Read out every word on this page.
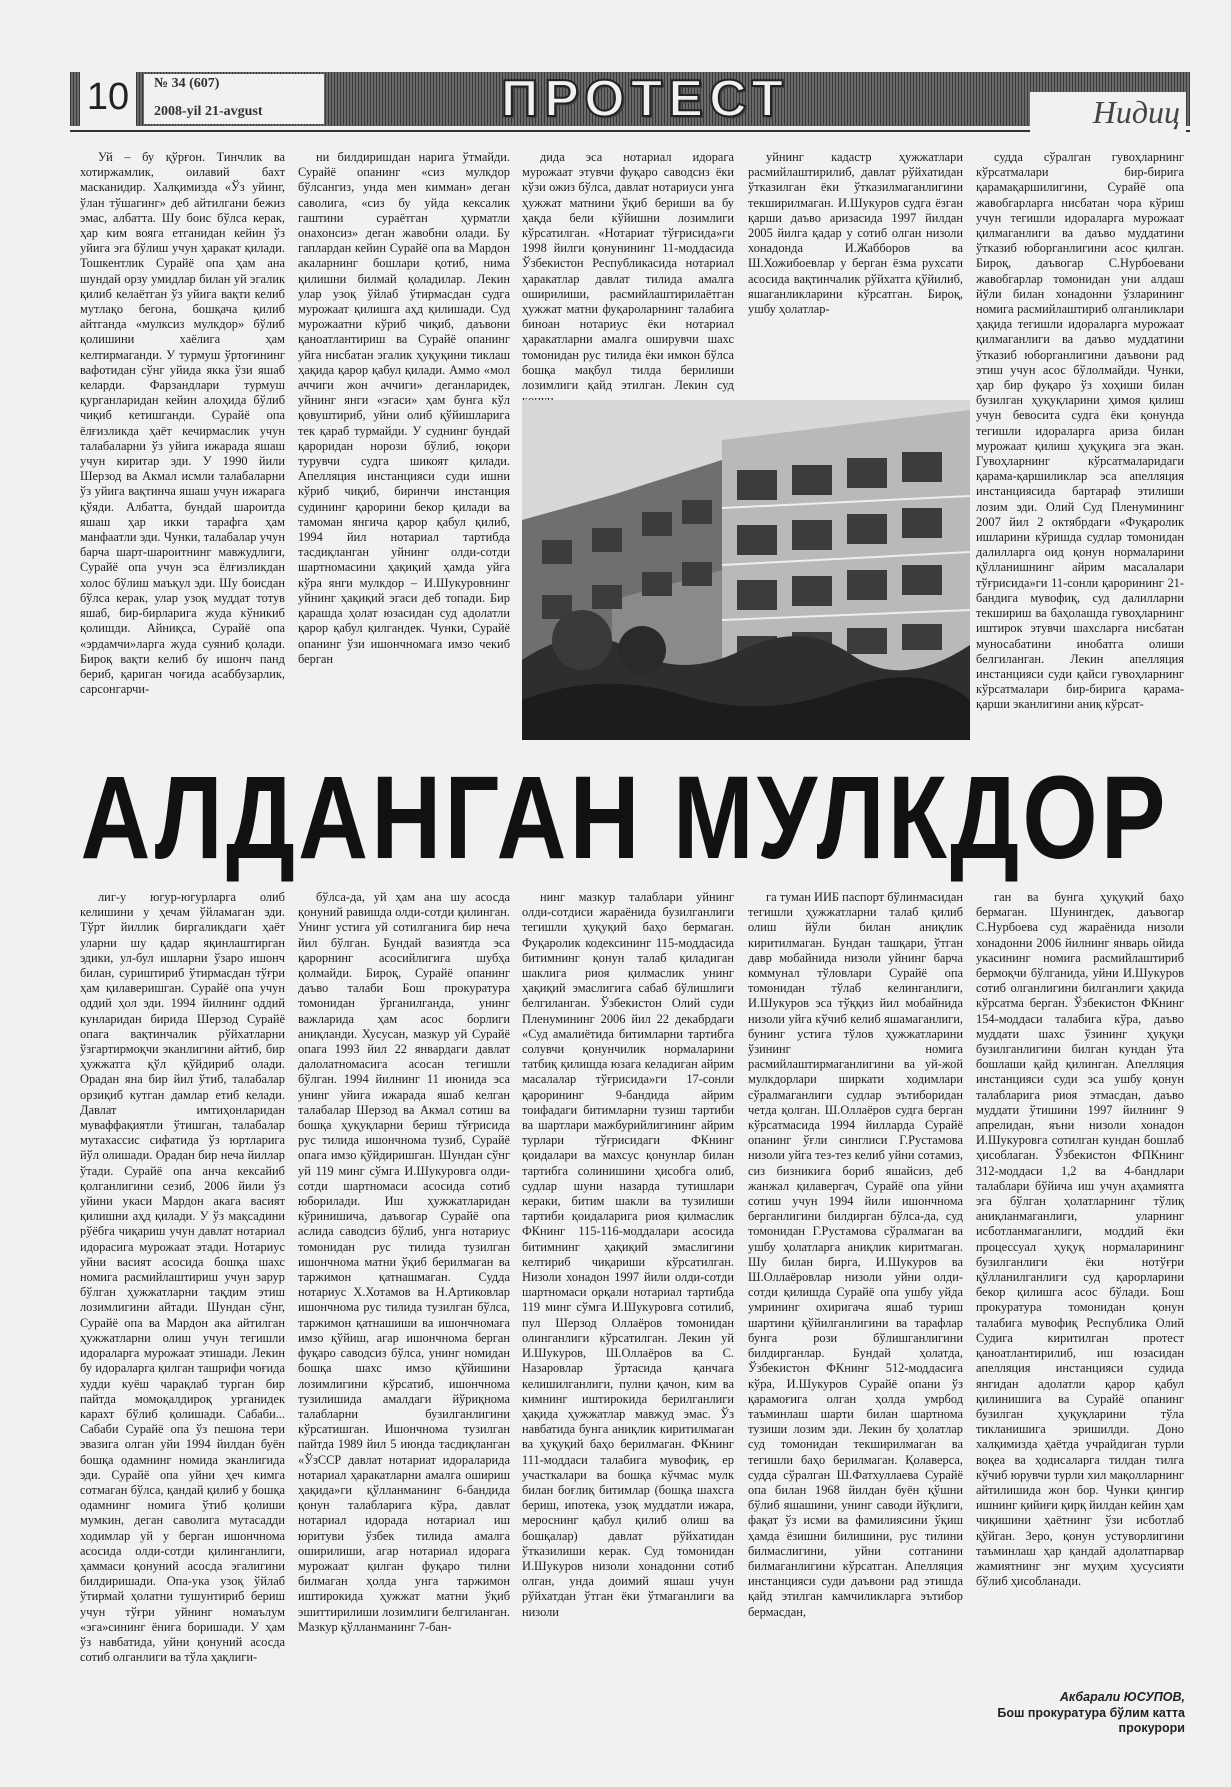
10 № 34 (607)
2008-yil 21-avgust	ПРОТЕСТ	Нидиц

Уй – бу қўрғон. Тинчлик ва хотиржамлик, оилавий бахт масканидир. Халқимизда «Ўз уйинг, ўлан тўшагинг» деб айтилгани бежиз эмас, албатта. Шу боис бўлса керак, ҳар ким вояга етганидан кейин ўз уйига эга бўлиш учун ҳаракат қилади. Тошкентлик Сурайё опа ҳам ана шундай орзу умидлар билан уй эгалик қилиб келаётган ўз уйига вақти келиб мутлақо бегона, бошқача қилиб айтганда «мулксиз мулкдор» бўлиб қолишини хаёлига ҳам келтирмаганди. У турмуш ўртоғининг вафотидан сўнг уйида якка ўзи яшаб келарди. Фарзандлари турмуш қурганларидан кейин алоҳида бўлиб чиқиб кетишганди. Сурайё опа ёлғизликда ҳаёт кечирмаслик учун талабаларни ўз уйига ижарада яшаш учун киритар эди. У 1990 йили Шерзод ва Акмал исмли талабаларни ўз уйига вақтинча яшаш учун ижарага қўяди. Албатта, бундай шароитда яшаш ҳар икки тарафга ҳам манфаатли эди. Чунки, талабалар учун барча шарт-шароитнинг мавжудлиги, Сурайё опа учун эса ёлғизликдан холос бўлиш маъқул эди. Шу боисдан бўлса керак, улар узоқ муддат тотув яшаб, бир-бирларига жуда кўникиб қолишди. Айниқса, Сурайё опа «эрдамчи»ларга жуда суяниб қолади. Бироқ вақти келиб бу ишонч панд бериб, қариган чоғида асаббузарлик, сарсонгарчи-

ни билдиришдан нарига ўтмайди. Сурайё опанинг «сиз мулкдор бўлсангиз, унда мен кимман» деган саволига, «сиз бу уйда кексалик гаштини сураётган ҳурматли онахонсиз» деган жавобни олади. Бу гаплардан кейин Сурайё опа ва Мардон акаларнинг бошлари қотиб, нима қилишни билмай қоладилар. Лекин улар узоқ ўйлаб ўтирмасдан судга мурожаат қилишга аҳд қилишади. Суд мурожаатни кўриб чиқиб, даъвони қаноатлантириш ва Сурайё опанинг уйга нисбатан эгалик ҳуқуқини тиклаш ҳақида қарор қабул қилади. Аммо «мол аччиги жон аччиги» деганларидек, уйнинг янги «эгаси» ҳам бунга кўл қовуштириб, уйни олиб қўйишларига тек қараб турмайди. У суднинг бундай қароридан норози бўлиб, юқори турувчи судга шикоят қилади. Апелляция инстанцияси суди ишни кўриб чиқиб, биринчи инстанция судининг қарорини бекор қилади ва тамоман янгича қарор қабул қилиб, 1994 йил нотариал тартибда тасдиқланган уйнинг олди-сотди шартномасини ҳақиқий ҳамда уйга кўра янги мулкдор – И.Шукуровнинг уйнинг ҳақиқий эгаси деб топади. Бир қарашда ҳолат юзасидан суд адолатли қарор қабул қилгандек. Чунки, Сурайё опанинг ўзи ишончномага имзо чекиб берган

дида эса нотариал идорага мурожаат этувчи фуқаро саводсиз ёки кўзи ожиз бўлса, давлат нотариуси унга ҳужжат матнини ўқиб бериши ва бу ҳақда бели кўйишни лозимлиги кўрсатилган. «Нотариат тўғрисида»ги 1998 йилги қонунининг 11-моддасида Ўзбекистон Республикасида нотариал ҳаракатлар давлат тилида амалга оширилиши, расмийлаштирилаётган ҳужжат матни фуқароларнинг талабига биноан нотариус ёки нотариал ҳаракатларни амалга оширувчи шахс томонидан рус тилида ёки имкон бўлса бошқа мақбул тилда берилиши лозимлиги қайд этилган. Лекин суд

уйнинг кадастр ҳужжатлари расмийлаштирилиб, давлат рўйхатидан ўтказилган ёки ўтказилмаганлигини текширилмаган. И.Шукуров судга ёзган қарши даъво аризасида 1997 йилдан 2005 йилга қадар у сотиб олган низоли хонадонда И.Жабборов ва Ш.Хожибоевлар у берган ёзма рухсати асосида вақтинчалик рўйхатга қўйилиб, яшаганликларини кўрсатган. Бироқ, ушбу ҳолатлар-

судда сўралган гувоҳларнинг кўрсатмалари бир-бирига қарамақаршилигини, Сурайё опа жавобгарларга нисбатан чора кўриш учун тегишли идораларга мурожаат қилмаганлиги ва даъво муддатини ўтказиб юборганлигини асос қилган. Бироқ, даъвогар С.Нурбоевани жавобгарлар томонидан уни алдаш йўли билан хонадонни ўзларининг номига расмийлаштириб олганликлари ҳақида тегишли идораларга мурожаат қилмаганлиги ва даъво муддатини ўтказиб юборганлигини даъвони рад этиш учун асос бўлолмайди. Чунки, ҳар бир фуқаро ўз хоҳиши билан бузилган ҳуқуқларини ҳимоя қилиш учун бевосита судга ёки қонунда тегишли идораларга ариза билан мурожаат қилиш ҳуқуқига эга экан. Гувоҳларнинг кўрсатмаларидаги қарама-қаршиликлар эса апелляция инстанциясида бартараф этилиши лозим эди. Олий Суд Пленумининг 2007 йил 2 октябрдаги «Фуқаролик ишларини кўришда судлар томонидан далилларга оид қонун нормаларини қўлланишнинг айрим масалалари тўғрисида»ги 11-сонли қарорининг 21-бандига мувофиқ, суд далилларни текшириш ва баҳолашда гувоҳларнинг иштирок этувчи шахсларга нисбатан муносабатини инобатга олиши белгиланган. Лекин апелляция инстанцияси суди қайси гувоҳларнинг кўрсатмалари бир-бирига қарама-қарши эканлигини аниқ кўрсат-

АЛДАНГАН МУЛКДОР

лиг-у югур-югурларга олиб келишини у ҳечам ўйламаган эди. Тўрт йиллик биргаликдаги ҳаёт уларни шу қадар яқинлаштирган эдики, ул-бул ишларни ўзаро ишонч билан, суриштириб ўтирмасдан тўғри ҳам қилаверишган. Сурайё опа учун оддий ҳол эди. 1994 йилнинг оддий кунларидан бирида Шерзод Сурайё опага вақтинчалик рўйхатларни ўзгартирмоқчи эканлигини айтиб, бир ҳужжатга қўл қўйдириб олади. Орадан яна бир йил ўтиб, талабалар орзиқиб кутган дамлар етиб келади. Давлат имтиҳонларидан муваффақиятли ўтишган, талабалар мутахассис сифатида ўз юртларига йўл олишади. Орадан бир неча йиллар ўтади. Сурайё опа анча кексайиб қолганлигини сезиб, 2006 йили ўз уйини укаси Мардон акага васият қилишни аҳд қилади. У ўз мақсадини рўёбга чиқариш учун давлат нотариал идорасига мурожаат этади. Нотариус уйни васият асосида бошқа шахс номига расмийлаштириш учун зарур бўлган ҳужжатларни тақдим этиш лозимлигини айтади. Шундан сўнг, Сурайё опа ва Мардон ака айтилган ҳужжатларни олиш учун тегишли идораларга мурожаат этишади. Лекин бу идораларга қилган ташрифи чоғида худди куёш чарақлаб турган бир пайтда момоқалдироқ урганидек карахт бўлиб қолишади. Сабаби... Сабаби Сурайё опа ўз пешона тери эвазига олган уйи 1994 йилдан буён бошқа одамнинг номида эканлигида эди. Сурайё опа уйни ҳеч кимга сотмаган бўлса, қандай қилиб у бошқа одамнинг номига ўтиб қолиши мумкин, деган саволига мутасадди ходимлар уй у берган ишончнома асосида олди-сотди қилинганлиги, ҳаммаси қонуний асосда эгалигини билдиришади. Опа-ука узоқ ўйлаб ўтирмай ҳолатни тушунтириб бериш учун тўғри уйнинг номаълум «эга»сининг ёнига боришади. У ҳам ўз навбатида, уйни қонуний асосда сотиб олганлиги ва тўла ҳақлиги-

бўлса-да, уй ҳам ана шу асосда қонуний равишда олди-сотди қилинган. Унинг устига уй сотилганига бир неча йил бўлган. Бундай вазиятда эса қарорнинг асосийлигига шубҳа қолмайди. Бироқ, Сурайё опанинг даъво талаби Бош прокуратура томонидан ўрганилганда, унинг важларида ҳам асос борлиги аниқланди. Хусусан, мазкур уй Сурайё опага 1993 йил 22 январдаги давлат далолатномасига асосан тегишли бўлган. 1994 йилнинг 11 июнида эса унинг уйига ижарада яшаб келган талабалар Шерзод ва Акмал сотиш ва бошқа ҳуқуқларни бериш тўғрисида рус тилида ишончнома тузиб, Сурайё опага имзо қўйдиришган. Шундан сўнг уй 119 минг сўмга И.Шукуровга олди-сотди шартномаси асосида сотиб юборилади. Иш ҳужжатларидан кўринишича, даъвогар Сурайё опа аслида саводсиз бўлиб, унга нотариус томонидан рус тилида тузилган ишончнома матни ўқиб берилмаган ва таржимон қатнашмаган. Судда нотариус Х.Хотамов ва Н.Артиковлар ишончнома рус тилида тузилган бўлса, таржимон қатнашиши ва ишончномага имзо қўйиш, агар ишончнома берган фуқаро саводсиз бўлса, унинг номидан бошқа шахс имзо қўйишини лозимлигини кўрсатиб, ишончнома тузилишида амалдаги йўриқнома талабларни бузилганлигини кўрсатишган. Ишончнома тузилган пайтда 1989 йил 5 июнда тасдиқланган «ЎзССР давлат нотариат идораларида нотариал ҳаракатларни амалга ошириш ҳақида»ги қўлланманинг 6-бандида қонун талабларига кўра, давлат нотариал идорада нотариал иш юритуви ўзбек тилида амалга оширилиши, агар нотариал идорага мурожаат қилган фуқаро тилни билмаган ҳолда унга таржимон иштирокида ҳужжат матни ўқиб эшиттирилиши лозимлиги белгиланган. Мазкур қўлланманинг 7-бан-

нинг мазкур талаблари уйнинг олди-сотдиси жараёнида бузилганлиги тегишли ҳуқуқий баҳо бермаган. Фуқаролик кодексининг 115-моддасида битимнинг қонун талаб қиладиган шаклига риоя қилмаслик унинг ҳақиқий эмаслигига сабаб бўлишлиги белгиланган. Ўзбекистон Олий суди Пленумининг 2006 йил 22 декабрдаги «Суд амалиётида битимларни тартибга солувчи қонунчилик нормаларини татбиқ қилишда юзага келадиган айрим масалалар тўғрисида»ги 17-сонли қарорининг 9-бандида айрим тоифадаги битимларни тузиш тартиби ва шартлари мажбурийлигининг айрим турлари тўғрисидаги ФКнинг қоидалари ва махсус қонунлар билан тартибга солинишини ҳисобга олиб, судлар шуни назарда тутишлари кераки, битим шакли ва тузилиши тартиби қоидаларига риоя қилмаслик ФКнинг 115-116-моддалари асосида битимнинг ҳақиқий эмаслигини келтириб чиқариши кўрсатилган. Низоли хонадон 1997 йили олди-сотди шартномаси орқали нотариал тартибда 119 минг сўмга И.Шукуровга сотилиб, пул Шерзод Оллаёров томонидан олинганлиги кўрсатилган. Лекин уй И.Шукуров, Ш.Оллаёров ва С. Назаровлар ўртасида қанчага келишилганлиги, пулни қачон, ким ва кимнинг иштирокида берилганлиги ҳақида ҳужжатлар мавжуд эмас. Ўз навбатида бунга аниқлик киритилмаган ва ҳуқуқий баҳо берилмаган. ФКнинг 111-моддаси талабига мувофиқ, ер участкалари ва бошқа кўчмас мулк билан боғлиқ битимлар (бошқа шахсга бериш, ипотека, узоқ муддатли ижара, мероснинг қабул қилиб олиш ва бошқалар) давлат рўйхатидан ўтказилиши керак. Суд томонидан И.Шукуров низоли хонадонни сотиб олган, унда доимий яшаш учун рўйхатдан ўтган ёки ўтмаганлиги ва низоли

га туман ИИБ паспорт бўлинмасидан тегишли ҳужжатларни талаб қилиб олиш йўли билан аниқлик киритилмаган. Бундан ташқари, ўтган давр мобайнида низоли уйнинг барча коммунал тўловлари Сурайё опа томонидан тўлаб келинганлиги, И.Шукуров эса тўққиз йил мобайнида низоли уйга кўчиб келиб яшамаганлиги, бунинг устига тўлов ҳужжатларини ўзининг номига расмийлаштирмаганлигини ва уй-жой мулкдорлари ширкати ходимлари сўралмаганлиги судлар эътиборидан четда қолган. Ш.Оллаёров судга берган кўрсатмасида 1994 йилларда Сурайё опанинг ўғли синглиси Г.Рустамова низоли уйга тез-тез келиб уйни сотамиз, сиз бизникига бориб яшайсиз, деб жанжал қилавергач, Сурайё опа уйни сотиш учун 1994 йили ишончнома берганлигини билдирган бўлса-да, суд томонидан Г.Рустамова сўралмаган ва ушбу ҳолатларга аниқлик киритмаган. Шу билан бирга, И.Шукуров ва Ш.Оллаёровлар низоли уйни олди-сотди қилишда Сурайё опа ушбу уйда умрининг охиригача яшаб туриш шартини қўйилганлигини ва тарафлар бунга рози бўлишганлигини билдирганлар. Бундай ҳолатда, Ўзбекистон ФКнинг 512-моддасига кўра, И.Шукуров Сурайё опани ўз қарамоғига олган ҳолда умрбод таъминлаш шарти билан шартнома тузиши лозим эди. Лекин бу ҳолатлар суд томонидан текширилмаган ва тегишли баҳо берилмаган. Қолаверса, судда сўралган Ш.Фатхуллаева Сурайё опа билан 1968 йилдан буён қўшни бўлиб яшашини, унинг саводи йўқлиги, фақат ўз исми ва фамилиясини ўқиш ҳамда ёзишни билишини, рус тилини билмаслигини, уйни сотганини билмаганлигини кўрсатган. Апелляция инстанцияси суди даъвони рад этишда қайд этилган камчиликларга эътибор бермасдан,

ган ва бунга ҳуқуқий баҳо бермаган. Шунингдек, даъвогар С.Нурбоева суд жараёнида низоли хонадонни 2006 йилнинг январь ойида укасининг номига расмийлаштириб бермоқчи бўлганида, уйни И.Шукуров сотиб олганлигини билганлиги ҳақида кўрсатма берган. Ўзбекистон ФКнинг 154-моддаси талабига кўра, даъво муддати шахс ўзининг ҳуқуқи бузилганлигини билган кундан ўта бошлаши қайд қилинган. Апелляция инстанцияси суди эса ушбу қонун талабларига риоя этмасдан, даъво муддати ўтишини 1997 йилнинг 9 апрелидан, яъни низоли хонадон И.Шукуровга сотилган кундан бошлаб ҳисоблаган. Ўзбекистон ФПКнинг 312-моддаси 1,2 ва 4-бандлари талаблари бўйича иш учун аҳамиятга эга бўлган ҳолатларнинг тўлиқ аниқланмаганлиги, уларнинг исботланмаганлиги, моддий ёки процессуал ҳуқуқ нормаларининг бузилганлиги ёки нотўғри қўлланилганлиги суд қарорларини бекор қилишга асос бўлади. Бош прокуратура томонидан қонун талабига мувофиқ Республика Олий Судига киритилган протест қаноатлантирилиб, иш юзасидан апелляция инстанцияси судида янгидан адолатли қарор қабул қилинишига ва Сурайё опанинг бузилган ҳуқуқларини тўла тикланишига эришилди. Доно халқимизда ҳаётда учрайдиган турли воқеа ва ҳодисаларга тилдан тилга кўчиб юрувчи турли хил мақолларнинг айтилишида жон бор. Чунки қингир ишнинг қийиғи қирқ йилдан кейин ҳам чиқишини ҳаётнинг ўзи исботлаб қўйган. Зеро, қонун устуворлигини таъминлаш ҳар қандай адолатпарвар жамиятнинг энг муҳим ҳусусияти бўлиб ҳисобланади.

Акбарали ЮСУПОВ,
Бош прокуратура бўлим катта
прокурори
